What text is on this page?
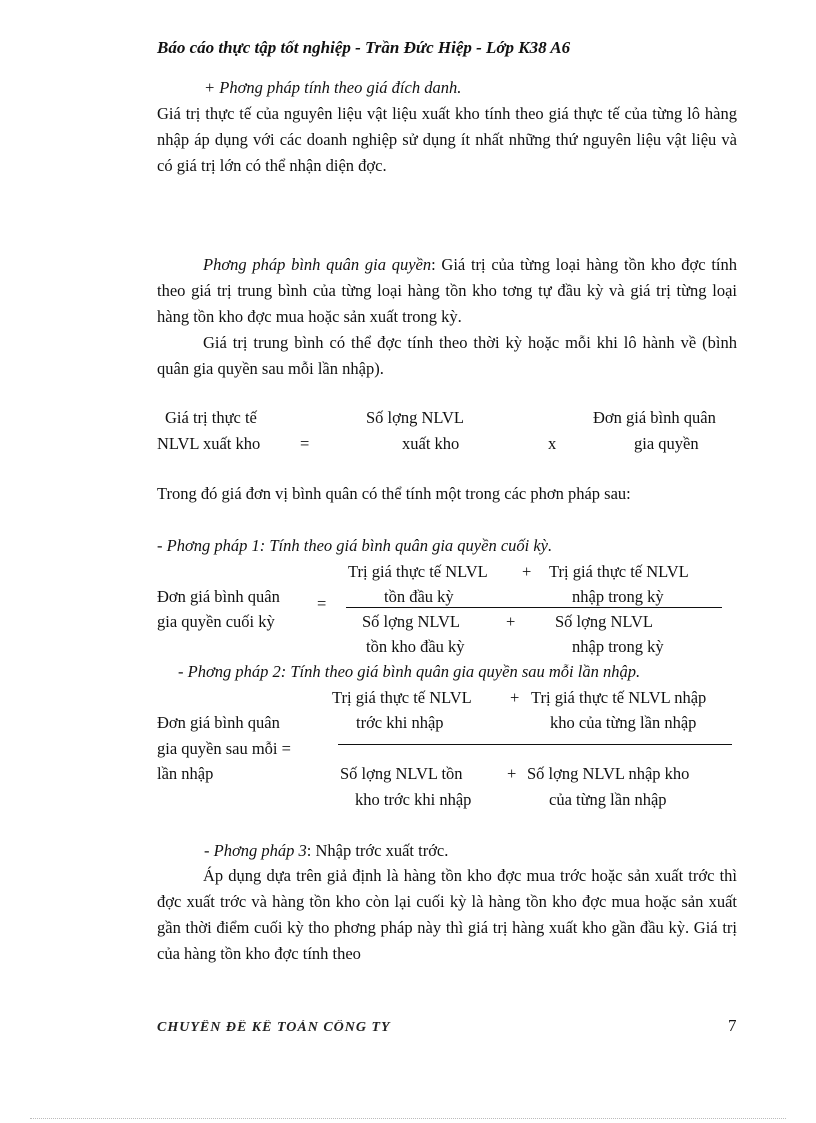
Báo cáo thực tập tốt nghiệp - Trần Đức Hiệp - Lớp K38 A6
+ Phơng pháp tính theo giá đích danh.

Giá trị thực tế của nguyên liệu vật liệu xuất kho tính theo giá thực tế của từng lô hàng nhập áp dụng với các doanh nghiệp sử dụng ít nhất những thứ nguyên liệu vật liệu và có giá trị lớn có thể nhận diện đợc.

Phơng pháp bình quân gia quyền: Giá trị của từng loại hàng tồn kho đợc tính theo giá trị trung bình của từng loại hàng tồn kho tơng tự đầu kỳ và giá trị từng loại hàng tồn kho đợc mua hoặc sản xuất trong kỳ.

Giá trị trung bình có thể đợc tính theo thời kỳ hoặc mỗi khi lô hành về (bình quân gia quyền sau mỗi lần nhập).

Giá trị thực tế
NLVL xuất kho =
Số lợng NLVL
xuất kho	x
Đơn giá bình quân
gia quyền
Trong đó giá đơn vị bình quân có thể tính một trong các phơn pháp sau:
- Phơng pháp 1: Tính theo giá bình quân gia quyền cuối kỳ.
Trị giá thực tế NLVL + Trị giá thực tế NLVL
Đơn giá bình quân	tồn đầu kỳ	nhập trong kỳ
=
gia quyền cuối kỳ	Số lợng NLVL	+ Số lợng NLVL
tồn kho đầu kỳ	nhập trong kỳ
- Phơng pháp 2: Tính theo giá bình quân gia quyền sau mỗi lần nhập.
Trị giá thực tế NLVL + Trị giá thực tế NLVL nhập
Đơn giá bình quân	trớc khi nhập	kho của từng lần nhập
gia quyền sau mỗi =
lần nhập	Số lợng NLVL tồn	+ Số lợng NLVL nhập kho
kho trớc khi nhập	của từng lần nhập
- Phơng pháp 3: Nhập trớc xuất trớc.

Áp dụng dựa trên giả định là hàng tồn kho đợc mua trớc hoặc sản xuất trớc thì đợc xuất trớc và hàng tồn kho còn lại cuối kỳ là hàng tồn kho đợc mua hoặc sản xuất gần thời điểm cuối kỳ tho phơng pháp này thì giá trị hàng xuất kho gần đầu kỳ. Giá trị của hàng tồn kho đợc tính theo

CHUYÊN ĐỀ KẾ TOÁN CÔNG TY	7
